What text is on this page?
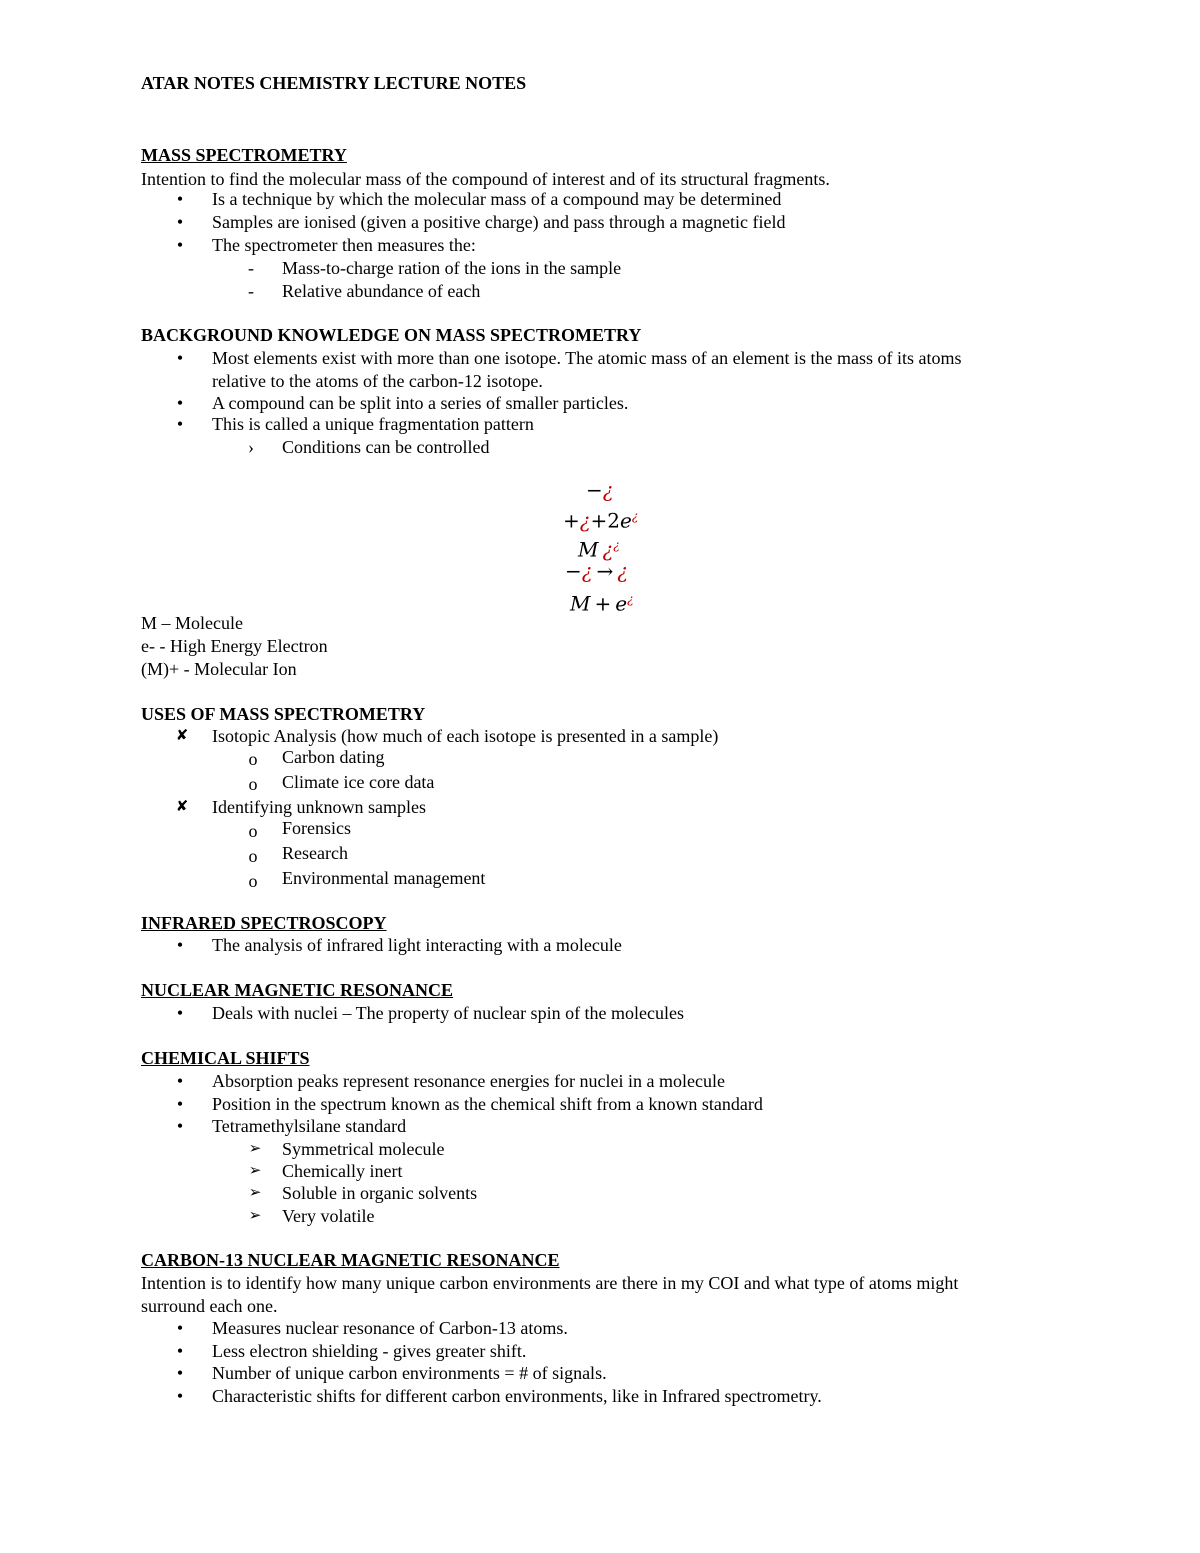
ATAR NOTES CHEMISTRY LECTURE NOTES
MASS SPECTROMETRY
Intention to find the molecular mass of the compound of interest and of its structural fragments.
•	Is a technique by which the molecular mass of a compound may be determined
•	Samples are ionised (given a positive charge) and pass through a magnetic field
•	The spectrometer then measures the:
-	Mass-to-charge ration of the ions in the sample
-	Relative abundance of each
BACKGROUND KNOWLEDGE ON MASS SPECTROMETRY
•	Most elements exist with more than one isotope. The atomic mass of an element is the mass of its atoms
relative to the atoms of the carbon-12 isotope.
•	A compound can be split into a series of smaller particles.
•	This is called a unique fragmentation pattern
›	Conditions can be controlled
−¿
+¿+2e¿
M  ¿¿
−¿  →  ¿
M  +  e¿
M – Molecule
e- - High Energy Electron
(M)+ - Molecular Ion
USES OF MASS SPECTROMETRY
✘ Isotopic Analysis (how much of each isotope is presented in a sample)
o	Carbon dating
o	Climate ice core data
✘ Identifying unknown samples
o	Forensics
o	Research
o	Environmental management
INFRARED SPECTROSCOPY
•	The analysis of infrared light interacting with a molecule
NUCLEAR MAGNETIC RESONANCE
•	Deals with nuclei – The property of nuclear spin of the molecules
CHEMICAL SHIFTS
•	Absorption peaks represent resonance energies for nuclei in a molecule
•	Position in the spectrum known as the chemical shift from a known standard
•	Tetramethylsilane standard
➢ Symmetrical molecule
➢ Chemically inert
➢ Soluble in organic solvents
➢ Very volatile
CARBON-13 NUCLEAR MAGNETIC RESONANCE
Intention is to identify how many unique carbon environments are there in my COI and what type of atoms might
surround each one.
•	Measures nuclear resonance of Carbon-13 atoms.
•	Less electron shielding - gives greater shift.
•	Number of unique carbon environments = # of signals.
•	Characteristic shifts for different carbon environments, like in Infrared spectrometry.
